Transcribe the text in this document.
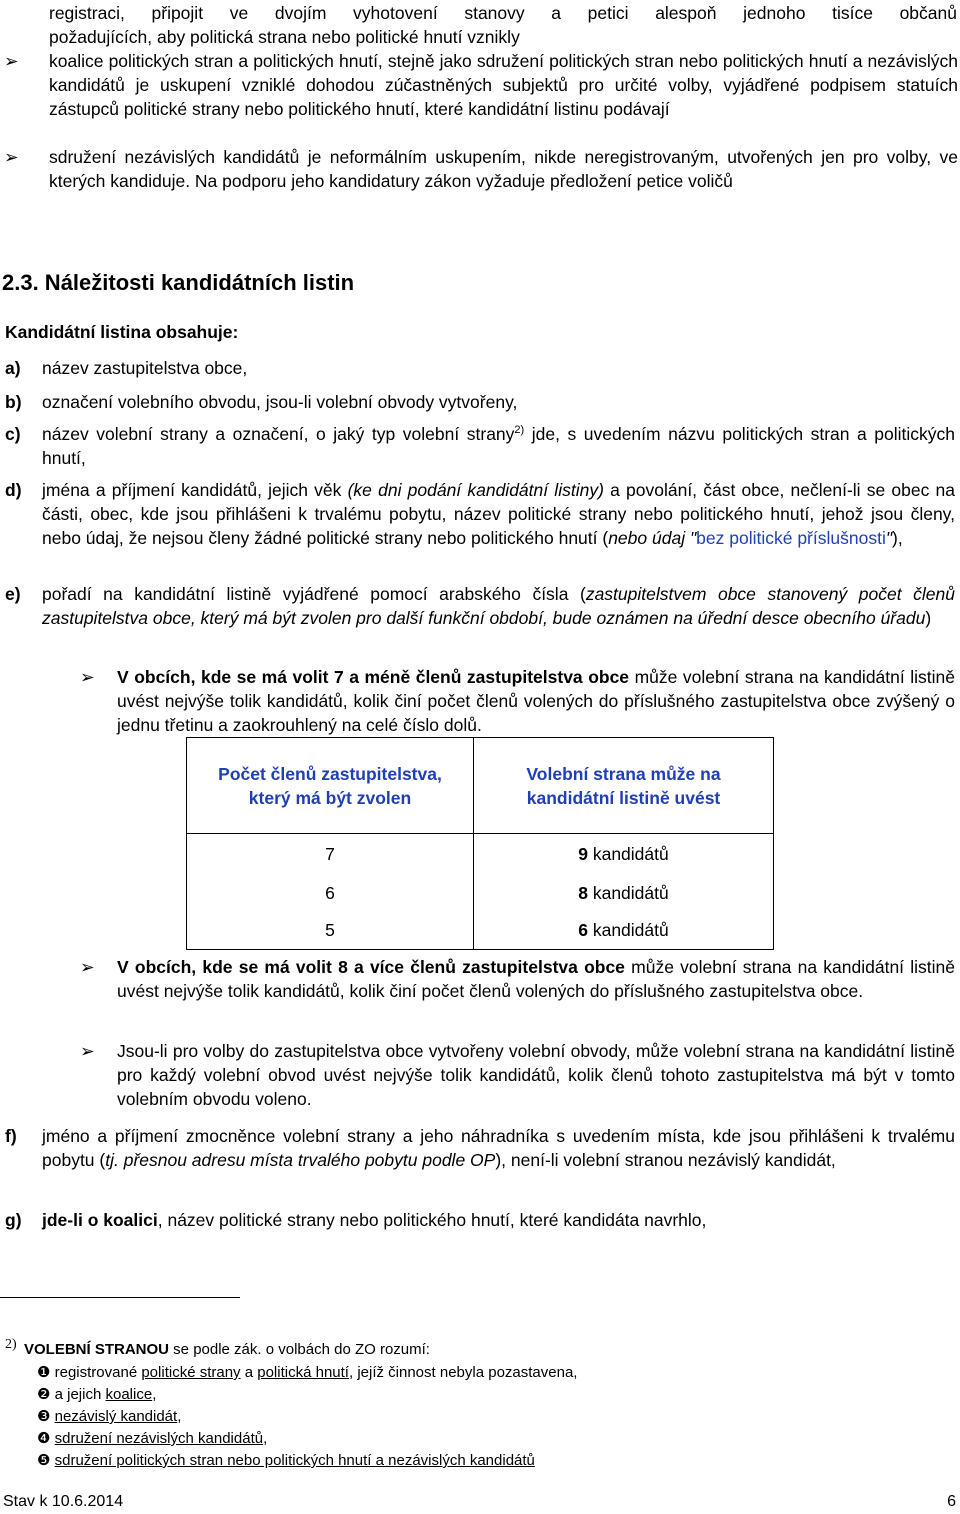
registraci, připojit ve dvojím vyhotovení stanovy a petici alespoň jednoho tisíce občanů
požadujících, aby politická strana nebo politické hnutí vznikly
➢	koalice politických stran a politických hnutí, stejně jako sdružení politických stran nebo politických hnutí a nezávislých kandidátů je uskupení vzniklé dohodou zúčastněných subjektů pro určité volby, vyjádřené podpisem statuích zástupců politické strany nebo politického hnutí, které kandidátní listinu podávají
➢	sdružení nezávislých kandidátů je neformálním uskupením, nikde neregistrovaným, utvořených jen pro volby, ve kterých kandiduje. Na podporu jeho kandidatury zákon vyžaduje předložení petice voličů
2.3. Náležitosti kandidátních listin
Kandidátní listina obsahuje:
a) název zastupitelstva obce,
b) označení volebního obvodu, jsou-li volební obvody vytvořeny,
c) název volební strany a označení, o jaký typ volební strany$^{2)}$ jde, s uvedením názvu politických stran a politických hnutí,
d) jména a příjmení kandidátů, jejich věk (ke dni podání kandidátní listiny) a povolání, část obce, nečlení-li se obec na části, obec, kde jsou přihlášeni k trvalému pobytu, název politické strany nebo politického hnutí, jehož jsou členy, nebo údaj, že nejsou členy žádné politické strany nebo politického hnutí (nebo údaj "bez politické příslušnosti"),
e) pořadí na kandidátní listině vyjádřené pomocí arabského čísla (zastupitelstvem obce stanovený počet členů zastupitelstva obce, který má být zvolen pro další funkční období, bude oznámen na úřední desce obecního úřadu)
➢	V obcích, kde se má volit 7 a méně členů zastupitelstva obce může volební strana na kandidátní listině uvést nejvýše tolik kandidátů, kolik činí počet členů volených do příslušného zastupitelstva obce zvýšený o jednu třetinu a zaokrouhlený na celé číslo dolů.
Počet členů zastupitelstva, který má být zvolen	Volební strana může na kandidátní listině uvést

7	9 kandidátů
6	8 kandidátů
5	6 kandidátů
➢	V obcích, kde se má volit 8 a více členů zastupitelstva obce může volební strana na kandidátní listině uvést nejvýše tolik kandidátů, kolik činí počet členů volených do příslušného zastupitelstva obce.
➢	Jsou-li pro volby do zastupitelstva obce vytvořeny volební obvody, může volební strana na kandidátní listině pro každý volební obvod uvést nejvýše tolik kandidátů, kolik členů tohoto zastupitelstva má být v tomto volebním obvodu voleno.
f) jméno a příjmení zmocněnce volební strany a jeho náhradníka s uvedením místa, kde jsou přihlášeni k trvalému pobytu (tj. přesnou adresu místa trvalého pobytu podle OP), není-li volební stranou nezávislý kandidát,
g) jde-li o koalici, název politické strany nebo politického hnutí, které kandidáta navrhlo,
2) VOLEBNÍ STRANOU se podle zák. o volbách do ZO rozumí:
❶ registrované politické strany a politická hnutí, jejíž činnost nebyla pozastavena,
❷ a jejich koalice,
❸ nezávislý kandidát,
❹ sdružení nezávislých kandidátů,
❺ sdružení politických stran nebo politických hnutí a nezávislých kandidátů
Stav k 10.6.2014	6
